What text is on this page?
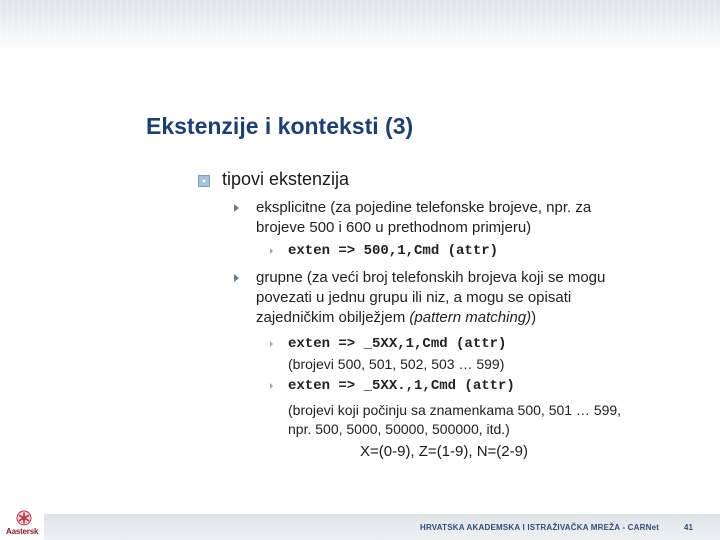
Ekstenzije i konteksti (3)
tipovi ekstenzija
eksplicitne (za pojedine telefonske brojeve, npr. za
brojeve 500 i 600 u prethodnom primjeru)
exten => 500,1,Cmd (attr)
grupne (za veći broj telefonskih brojeva koji se mogu
povezati u jednu grupu ili niz, a mogu se opisati
zajedničkim obilježjem (pattern matching))
exten => _5XX,1,Cmd (attr)
(brojevi 500, 501, 502, 503 … 599)
exten => _5XX.,1,Cmd (attr)
(brojevi koji počinju sa znamenkama 500, 501 … 599,
npr. 500, 5000, 50000, 500000, itd.)
X=(0-9), Z=(1-9), N=(2-9)
Aastersk	HRVATSKA AKADEMSKA I ISTRAŽIVAČKA MREŽA - CARNet	41
